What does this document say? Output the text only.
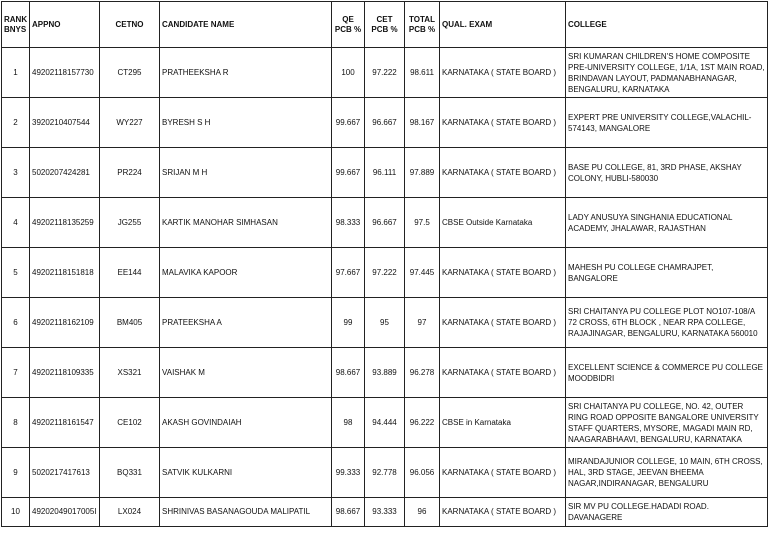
RANK BNYS	APPNO	CETNO	CANDIDATE NAME	QE PCB %	CET PCB %	TOTAL PCB %	QUAL. EXAM	COLLEGE
1	49202118157730	CT295	PRATHEEKSHA R	100	97.222	98.611	KARNATAKA ( STATE BOARD )	SRI KUMARAN CHILDREN'S HOME COMPOSITE PRE-UNIVERSITY COLLEGE, 1/1A, 1ST MAIN ROAD, BRINDAVAN LAYOUT, PADMANABHANAGAR, BENGALURU, KARNATAKA
2	3920210407544	WY227	BYRESH S H	99.667	96.667	98.167	KARNATAKA ( STATE BOARD )	EXPERT PRE UNIVERSITY COLLEGE,VALACHIL- 574143, MANGALORE
3	5020207424281	PR224	SRIJAN M H	99.667	96.111	97.889	KARNATAKA ( STATE BOARD )	BASE PU COLLEGE, 81, 3RD PHASE, AKSHAY COLONY, HUBLI-580030
4	49202118135259	JG255	KARTIK MANOHAR SIMHASAN	98.333	96.667	97.5	CBSE Outside Karnataka	LADY ANUSUYA SINGHANIA EDUCATIONAL ACADEMY, JHALAWAR, RAJASTHAN
5	49202118151818	EE144	MALAVIKA KAPOOR	97.667	97.222	97.445	KARNATAKA ( STATE BOARD )	MAHESH PU COLLEGE CHAMRAJPET, BANGALORE
6	49202118162109	BM405	PRATEEKSHA A	99	95	97	KARNATAKA ( STATE BOARD )	SRI CHAITANYA PU COLLEGE PLOT NO107-108/A 72 CROSS, 6TH BLOCK , NEAR RPA COLLEGE, RAJAJINAGAR, BENGALURU, KARNATAKA 560010
7	49202118109335	XS321	VAISHAK M	98.667	93.889	96.278	KARNATAKA ( STATE BOARD )	EXCELLENT SCIENCE & COMMERCE PU COLLEGE MOODBIDRI
8	49202118161547	CE102	AKASH GOVINDAIAH	98	94.444	96.222	CBSE in Karnataka	SRI CHAITANYA PU COLLEGE, NO. 42, OUTER RING ROAD OPPOSITE BANGALORE UNIVERSITY STAFF QUARTERS, MYSORE, MAGADI MAIN RD, NAAGARABHAAVI, BENGALURU, KARNATAKA
9	5020217417613	BQ331	SATVIK KULKARNI	99.333	92.778	96.056	KARNATAKA ( STATE BOARD )	MIRANDAJUNIOR COLLEGE, 10 MAIN, 6TH CROSS, HAL, 3RD STAGE, JEEVAN BHEEMA NAGAR,INDIRANAGAR, BENGALURU
10	49202049017005I	LX024	SHRINIVAS BASANAGOUDA MALIPATIL	98.667	93.333	96	KARNATAKA ( STATE BOARD )	SIR MV PU COLLEGE.HADADI ROAD. DAVANAGERE
